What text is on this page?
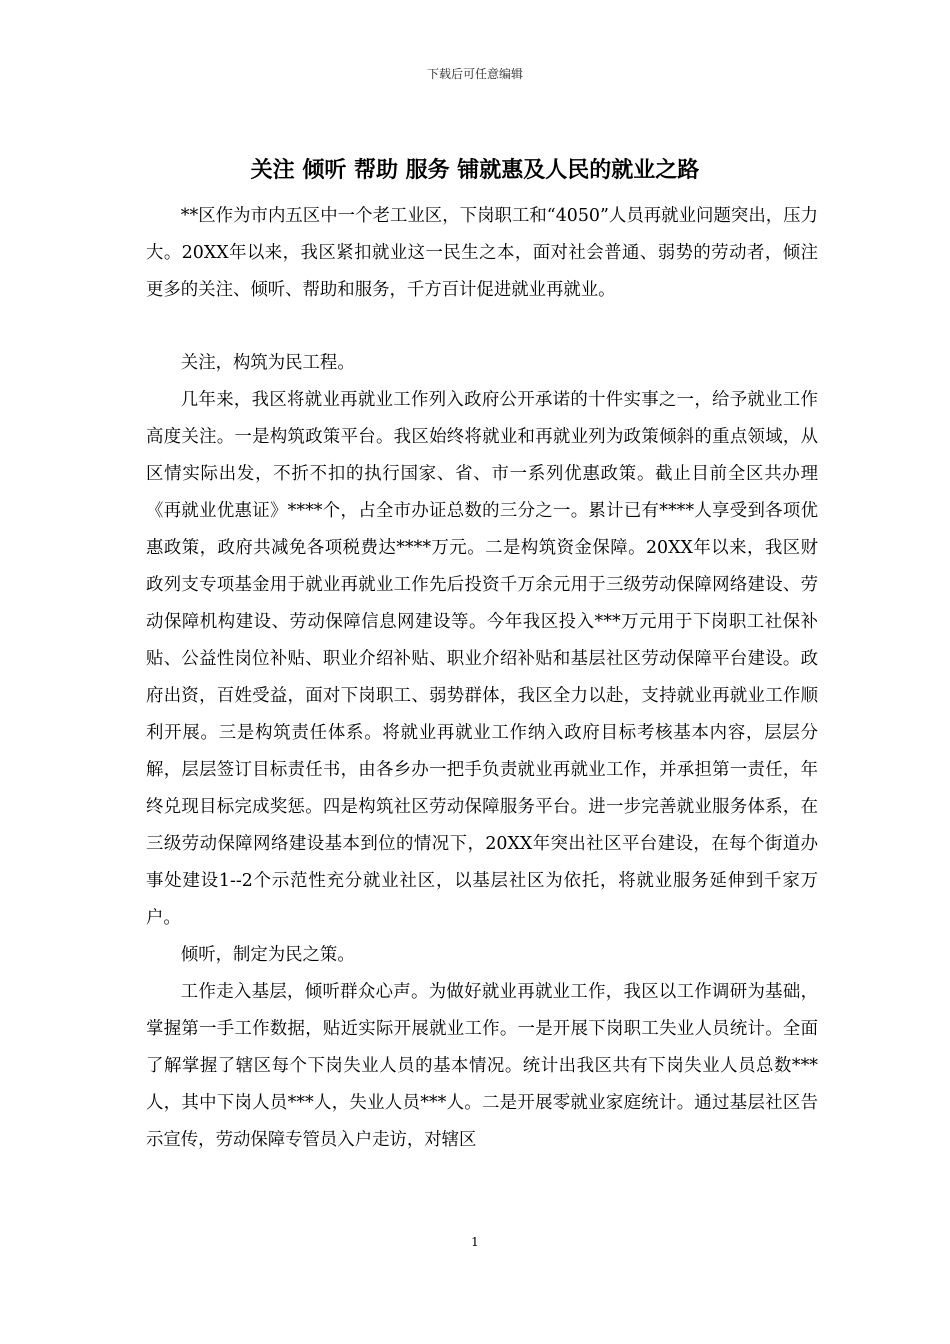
下载后可任意编辑
关注 倾听 帮助 服务 铺就惠及人民的就业之路

**区作为市内五区中一个老工业区，下岗职工和“4050”人员再就业问题突出，压力大。20XX年以来，我区紧扣就业这一民生之本，面对社会普通、弱势的劳动者，倾注更多的关注、倾听、帮助和服务，千方百计促进就业再就业。

关注，构筑为民工程。

几年来，我区将就业再就业工作列入政府公开承诺的十件实事之一，给予就业工作高度关注。一是构筑政策平台。我区始终将就业和再就业列为政策倾斜的重点领域，从区情实际出发，不折不扣的执行国家、省、市一系列优惠政策。截止目前全区共办理《再就业优惠证》****个，占全市办证总数的三分之一。累计已有****人享受到各项优惠政策，政府共减免各项税费达****万元。二是构筑资金保障。20XX年以来，我区财政列支专项基金用于就业再就业工作先后投资千万余元用于三级劳动保障网络建设、劳动保障机构建设、劳动保障信息网建设等。今年我区投入***万元用于下岗职工社保补贴、公益性岗位补贴、职业介绍补贴、职业介绍补贴和基层社区劳动保障平台建设。政府出资，百姓受益，面对下岗职工、弱势群体，我区全力以赴，支持就业再就业工作顺利开展。三是构筑责任体系。将就业再就业工作纳入政府目标考核基本内容，层层分解，层层签订目标责任书，由各乡办一把手负责就业再就业工作，并承担第一责任，年终兑现目标完成奖惩。四是构筑社区劳动保障服务平台。进一步完善就业服务体系，在三级劳动保障网络建设基本到位的情况下，20XX年突出社区平台建设，在每个街道办事处建设1--2个示范性充分就业社区，以基层社区为依托，将就业服务延伸到千家万户。

倾听，制定为民之策。

工作走入基层，倾听群众心声。为做好就业再就业工作，我区以工作调研为基础，掌握第一手工作数据，贴近实际开展就业工作。一是开展下岗职工失业人员统计。全面了解掌握了辖区每个下岗失业人员的基本情况。统计出我区共有下岗失业人员总数***人，其中下岗人员***人，失业人员***人。二是开展零就业家庭统计。通过基层社区告示宣传，劳动保障专管员入户走访，对辖区

1
